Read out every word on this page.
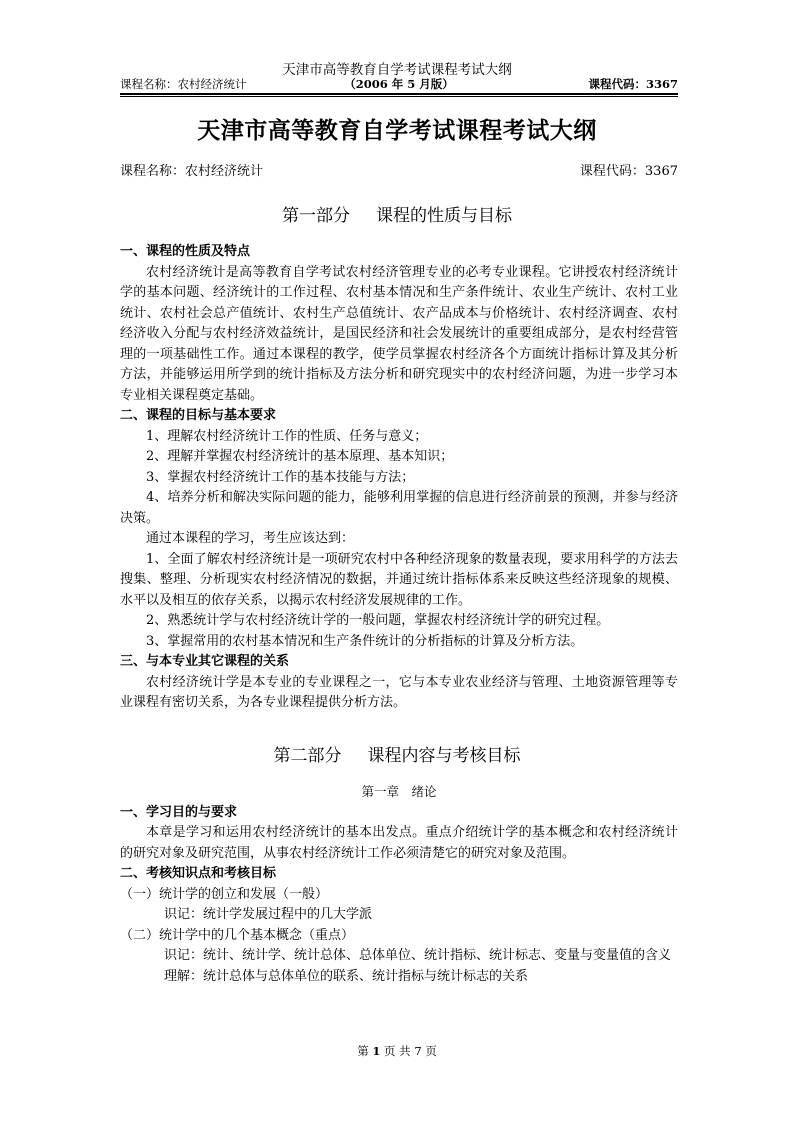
天津市高等教育自学考试课程考试大纲
课程名称：农村经济统计	（2006 年 5 月版）	课程代码：3367
天津市高等教育自学考试课程考试大纲
课程名称：农村经济统计	课程代码：3367
第一部分 课程的性质与目标

一、课程的性质及特点

农村经济统计是高等教育自学考试农村经济管理专业的必考专业课程。它讲授农村经济统计学的基本问题、经济统计的工作过程、农村基本情况和生产条件统计、农业生产统计、农村工业统计、农村社会总产值统计、农村生产总值统计、农产品成本与价格统计、农村经济调查、农村经济收入分配与农村经济效益统计，是国民经济和社会发展统计的重要组成部分，是农村经营管理的一项基础性工作。通过本课程的教学，使学员掌握农村经济各个方面统计指标计算及其分析方法，并能够运用所学到的统计指标及方法分析和研究现实中的农村经济问题，为进一步学习本专业相关课程奠定基础。

二、课程的目标与基本要求

1、理解农村经济统计工作的性质、任务与意义；

2、理解并掌握农村经济统计的基本原理、基本知识；

3、掌握农村经济统计工作的基本技能与方法；

4、培养分析和解决实际问题的能力，能够利用掌握的信息进行经济前景的预测，并参与经济决策。

通过本课程的学习，考生应该达到：

1、全面了解农村经济统计是一项研究农村中各种经济现象的数量表现，要求用科学的方法去搜集、整理、分析现实农村经济情况的数据，并通过统计指标体系来反映这些经济现象的规模、水平以及相互的依存关系，以揭示农村经济发展规律的工作。

2、熟悉统计学与农村经济统计学的一般问题，掌握农村经济统计学的研究过程。

3、掌握常用的农村基本情况和生产条件统计的分析指标的计算及分析方法。

三、与本专业其它课程的关系

农村经济统计学是本专业的专业课程之一，它与本专业农业经济与管理、土地资源管理等专业课程有密切关系，为各专业课程提供分析方法。

第二部分 课程内容与考核目标

第一章　绪论

一、学习目的与要求

本章是学习和运用农村经济统计的基本出发点。重点介绍统计学的基本概念和农村经济统计的研究对象及研究范围，从事农村经济统计工作必须清楚它的研究对象及范围。

二、考核知识点和考核目标

（一）统计学的创立和发展（一般）

识记：统计学发展过程中的几大学派

（二）统计学中的几个基本概念（重点）

识记：统计、统计学、统计总体、总体单位、统计指标、统计标志、变量与变量值的含义

理解：统计总体与总体单位的联系、统计指标与统计标志的关系

第 1 页 共 7 页
